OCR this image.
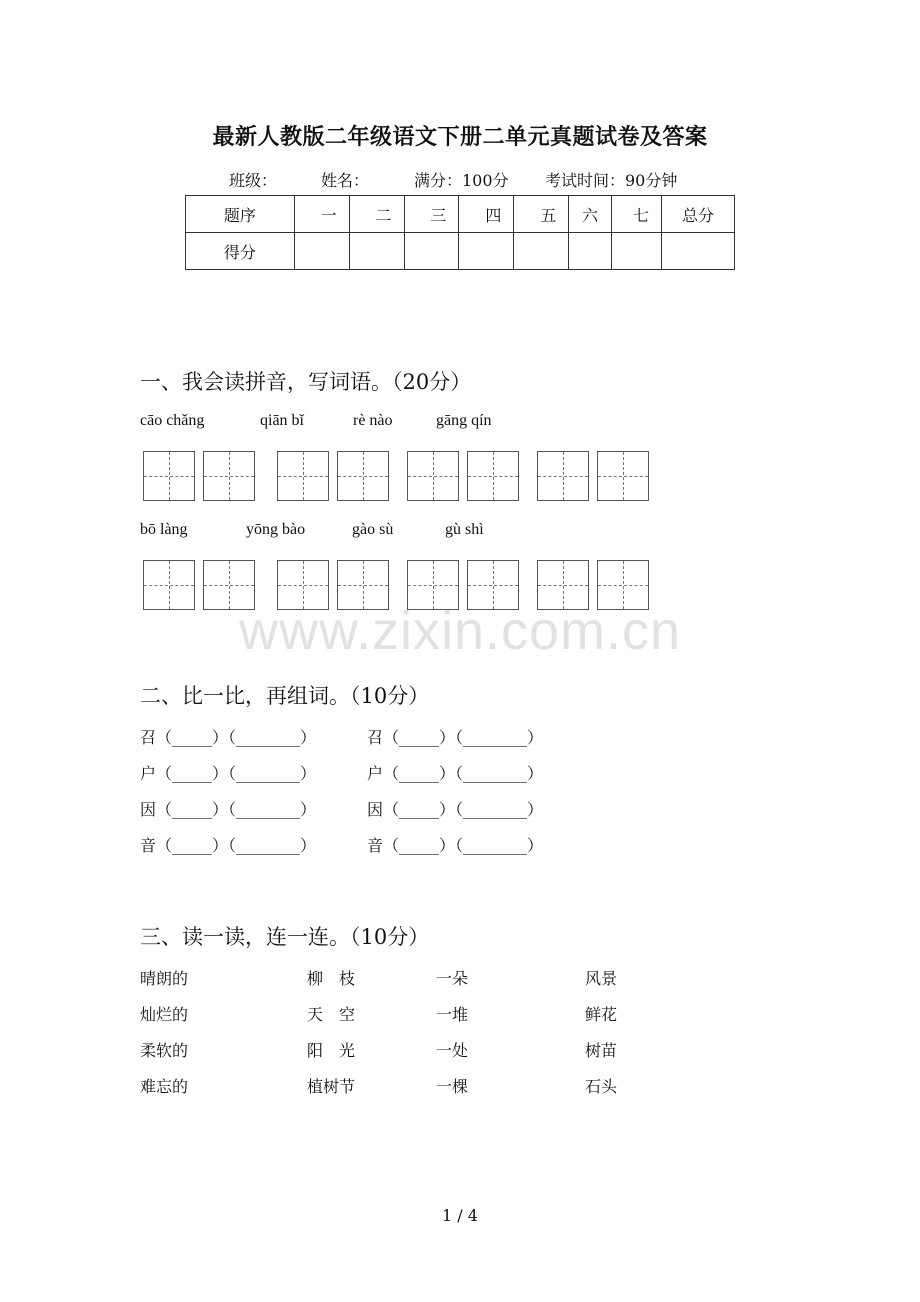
最新人教版二年级语文下册二单元真题试卷及答案
班级：	姓名：	满分：100分 考试时间：90分钟
题序	一	二	三	四	五	六	七	总分
得分								
一、我会读拼音，写词语。（20分）
cāo chǎng	qiān bǐ	rè nào	gāng qín
bō làng	yōng bào	gào sù	gù shì
www.zixin.com.cn
二、比一比，再组词。（10分）
召（_____）（________）	召（_____）（________）
户（_____）（________）	户（_____）（________）
因（_____）（________）	因（_____）（________）
音（_____）（________）	音（_____）（________）
三、读一读，连一连。（10分）
晴朗的	柳　枝	一朵	风景
灿烂的	天　空	一堆	鲜花
柔软的	阳　光	一处	树苗
难忘的	植树节	一棵	石头
1 / 4
